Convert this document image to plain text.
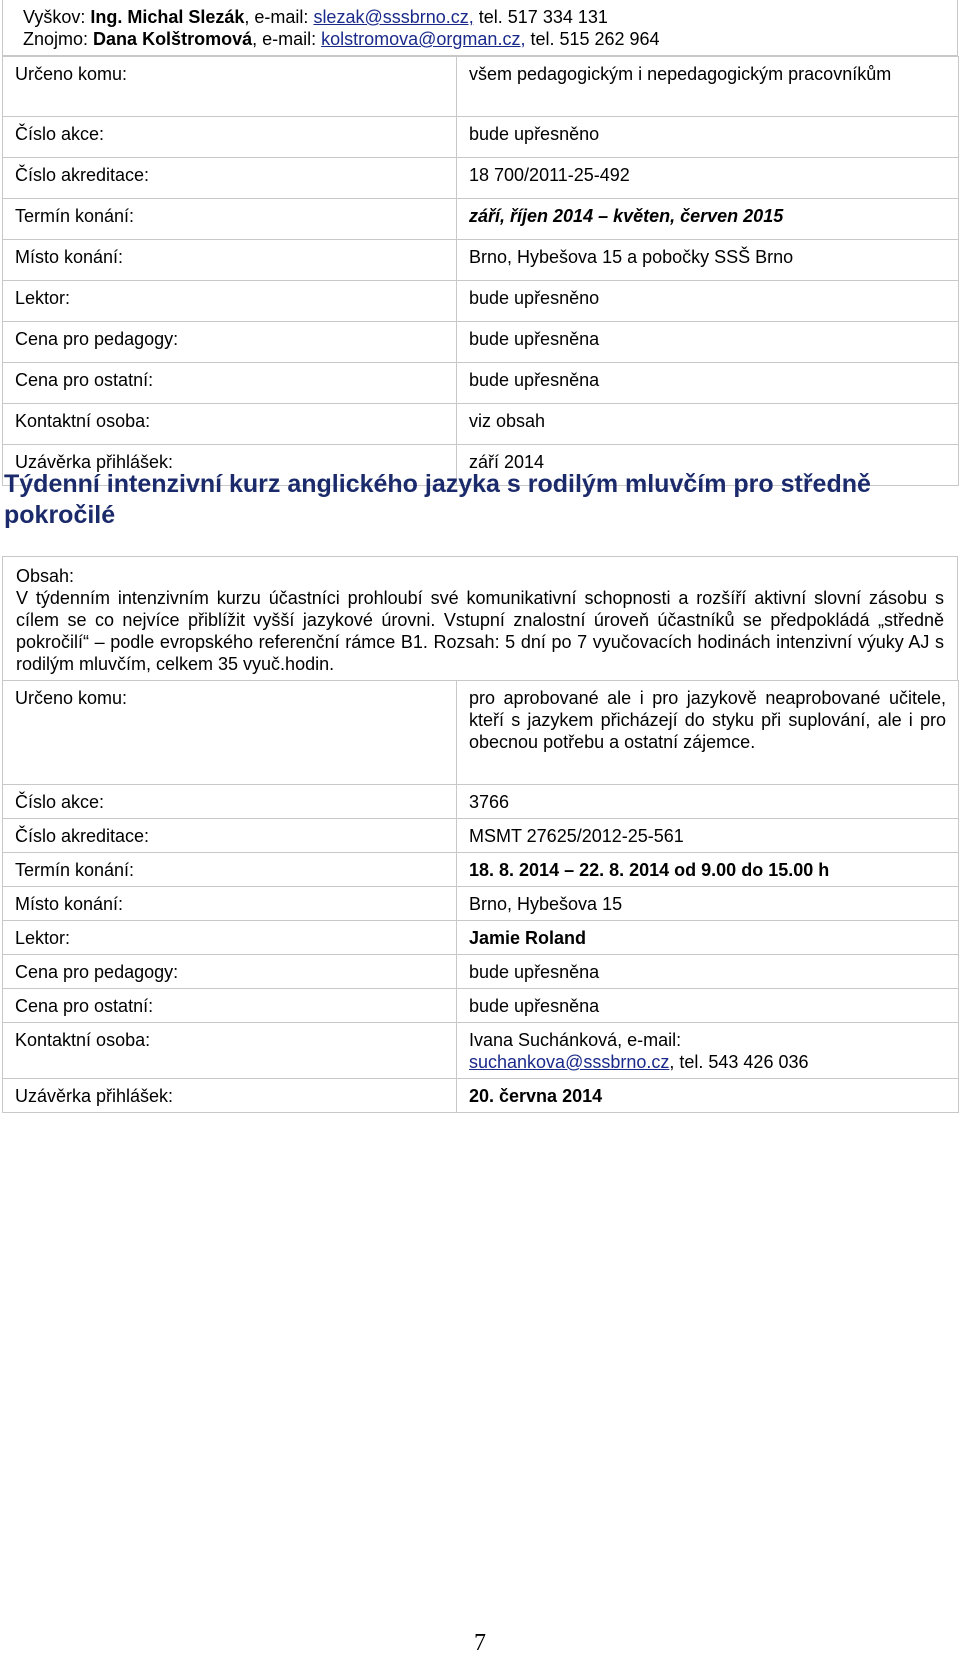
Vyškov: Ing. Michal Slezák, e-mail: slezak@sssbrno.cz, tel. 517 334 131
Znojmo: Dana Kolštromová, e-mail: kolstromova@orgman.cz, tel. 515 262 964
Určeno komu:	všem pedagogickým i nepedagogickým pracovníkům
Číslo akce:	bude upřesněno
Číslo akreditace:	18 700/2011-25-492
Termín konání:	září, říjen 2014 – květen, červen 2015
Místo konání:	Brno, Hybešova 15 a pobočky SSŠ Brno
Lektor:	bude upřesněno
Cena pro pedagogy:	bude upřesněna
Cena pro ostatní:	bude upřesněna
Kontaktní osoba:	viz obsah
Uzávěrka přihlášek:	září 2014
Týdenní intenzivní kurz anglického jazyka s rodilým mluvčím pro středně pokročilé
Obsah:
V týdenním intenzivním kurzu účastníci prohloubí své komunikativní schopnosti a rozšíří aktivní slovní zásobu s cílem se co nejvíce přiblížit vyšší jazykové úrovni. Vstupní znalostní úroveň účastníků se předpokládá „středně pokročilí“ – podle evropského referenční rámce B1. Rozsah: 5 dní po 7 vyučovacích hodinách intenzivní výuky AJ s rodilým mluvčím, celkem 35 vyuč.hodin.
Určeno komu:	pro aprobované ale i pro jazykově neaprobované učitele, kteří s jazykem přicházejí do styku při suplování, ale i pro obecnou potřebu a ostatní zájemce.
Číslo akce:	3766
Číslo akreditace:	MSMT 27625/2012-25-561
Termín konání:	18. 8. 2014 – 22. 8. 2014 od 9.00 do 15.00 h
Místo konání:	Brno, Hybešova 15
Lektor:	Jamie Roland
Cena pro pedagogy:	bude upřesněna
Cena pro ostatní:	bude upřesněna
Kontaktní osoba:	Ivana Suchánková, e-mail:
suchankova@sssbrno.cz, tel. 543 426 036
Uzávěrka přihlášek:	20. června 2014
7
